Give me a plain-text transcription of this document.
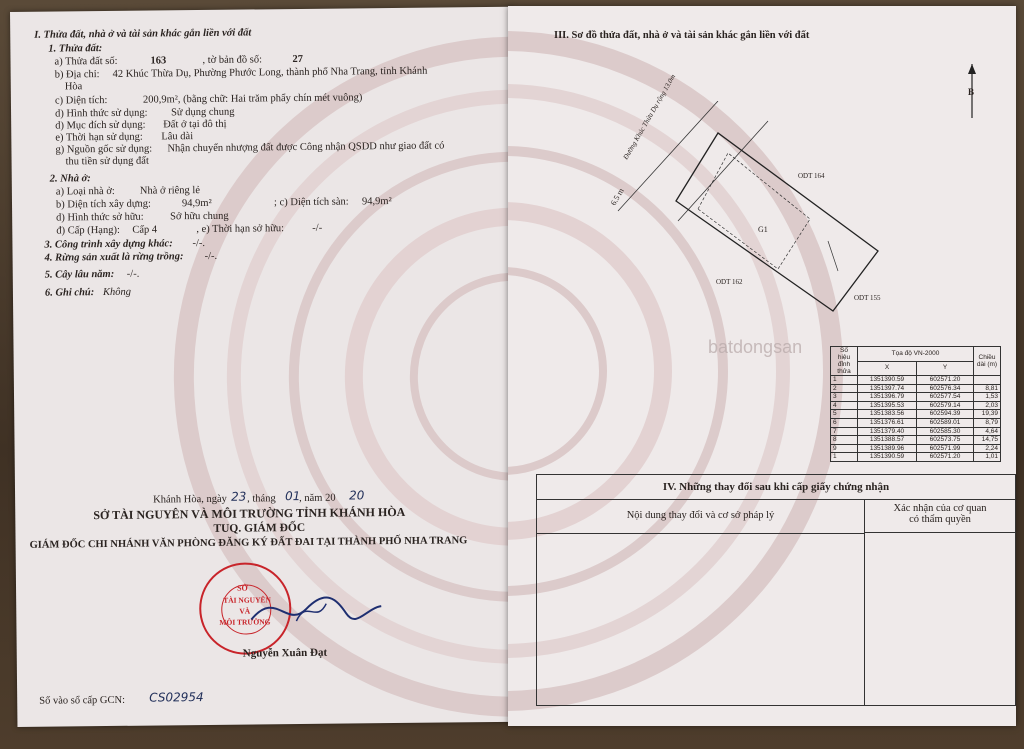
I. Thửa đất, nhà ở và tài sản khác gắn liền với đất
1. Thửa đất:
a) Thửa đất số:	163	, tờ bản đồ số:	27
b) Địa chỉ: 42 Khúc Thừa Dụ, Phường Phước Long, thành phố Nha Trang, tỉnh Khánh
Hòa
c) Diện tích:	200,9m², (bằng chữ: Hai trăm phẩy chín mét vuông)
d) Hình thức sử dụng: Sử dụng chung
d) Mục đích sử dụng: Đất ở tại đô thị
e) Thời hạn sử dụng: Lâu dài
g) Nguồn gốc sử dụng: Nhận chuyển nhượng đất được Công nhận QSDD như giao đất có
thu tiền sử dụng đất
2. Nhà ở:
a) Loại nhà ở: Nhà ở riêng lẻ
b) Diện tích xây dựng:	94,9m²	; c) Diện tích sàn: 94,9m²
d) Hình thức sở hữu:	Sở hữu chung
đ) Cấp (Hạng): Cấp 4	, e) Thời hạn sở hữu:	-/-
3. Công trình xây dựng khác: -/-.
4. Rừng sản xuất là rừng trồng: -/-.
5. Cây lâu năm: -/-.
6. Ghi chú: Không
Khánh Hòa, ngày 23 , tháng 01
, năm 20 20
SỞ TÀI NGUYÊN VÀ MÔI TRƯỜNG TỈNH KHÁNH HÒA
TUQ. GIÁM ĐỐC
GIÁM ĐỐC CHI NHÁNH VĂN PHÒNG ĐĂNG KÝ ĐẤT ĐAI TẠI THÀNH PHỐ NHA TRANG
SỞ
TÀI NGUYÊN
VÀ
MÔI TRƯỜNG
Nguyễn Xuân Đạt
Số vào sổ cấp GCN: CS02954
III. Sơ đồ thửa đất, nhà ở và tài sản khác gắn liền với đất
B
Đường Khúc Thừa Dụ rộng 13.0m
6.5 m
ODT 164
ODT 162
ODT 155
G1
batdongsan	Số hiệu đỉnh thửa	Tọa độ VN-2000		Chiều dài (m)
	X	Y	
1	1351390.59	602571.20	
2	1351397.74	602576.34	8,81
3	1351396.79	602577.54	1,53
4	1351395.53	602579.14	2,03
5	1351383.56	602594.39	19,39
6	1351376.61	602589.01	8,79
7	1351379.40	602585.30	4,64
8	1351388.57	602573.75	14,75
9	1351389.96	602571.99	2,24
1	1351390.59	602571.20	1,01
IV. Những thay đổi sau khi cấp giấy chứng nhận
Nội dung thay đổi và cơ sở pháp lý
Xác nhận của cơ quan
có thẩm quyền
